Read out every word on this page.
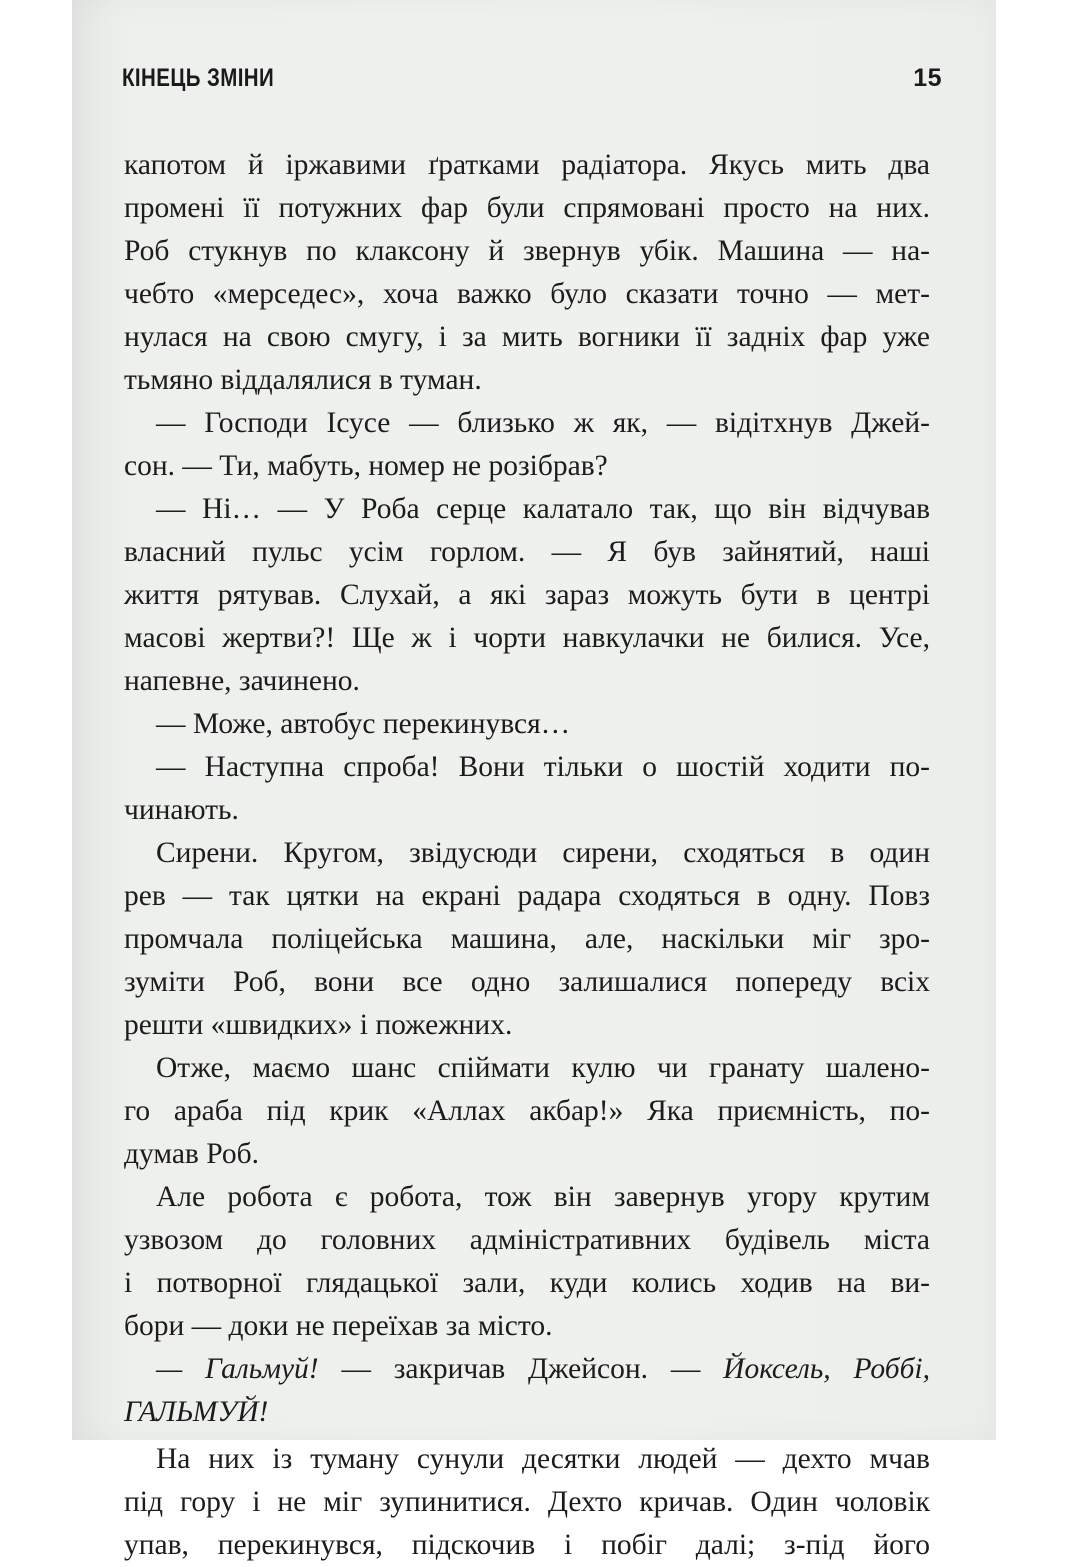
КІНЕЦЬ ЗМІНИ	15

капотом й іржавими ґратками радіатора. Якусь мить два

промені її потужних фар були спрямовані просто на них.

Роб стукнув по клаксону й звернув убік. Машина — на-

чебто «мерседес», хоча важко було сказати точно — мет-

нулася на свою смугу, і за мить вогники її задніх фар уже

тьмяно віддалялися в туман.

— Господи Ісусе — близько ж як, — відітхнув Джей-

сон. — Ти, мабуть, номер не розібрав?

— Ні… — У Роба серце калатало так, що він відчував

власний пульс усім горлом. — Я був зайнятий, наші

життя рятував. Слухай, а які зараз можуть бути в центрі

масові жертви?! Ще ж і чорти навкулачки не билися. Усе,

напевне, зачинено.

— Може, автобус перекинувся…

— Наступна спроба! Вони тільки о шостій ходити по-

чинають.

Сирени. Кругом, звідусюди сирени, сходяться в один

рев — так цятки на екрані радара сходяться в одну. Повз

промчала поліцейська машина, але, наскільки міг зро-

зуміти Роб, вони все одно залишалися попереду всіх

решти «швидких» і пожежних.

Отже, маємо шанс спіймати кулю чи гранату шалено-

го араба під крик «Аллах акбар!» Яка приємність, по-

думав Роб.

Але робота є робота, тож він завернув угору крутим

узвозом до головних адміністративних будівель міста

і потворної глядацької зали, куди колись ходив на ви-

бори — доки не переїхав за місто.

— Гальмуй! — закричав Джейсон. — Йоксель, Роббі,

ГАЛЬМУЙ!

На них із туману сунули десятки людей — дехто мчав

під гору і не міг зупинитися. Дехто кричав. Один чоловік

упав, перекинувся, підскочив і побіг далі; з-під його
